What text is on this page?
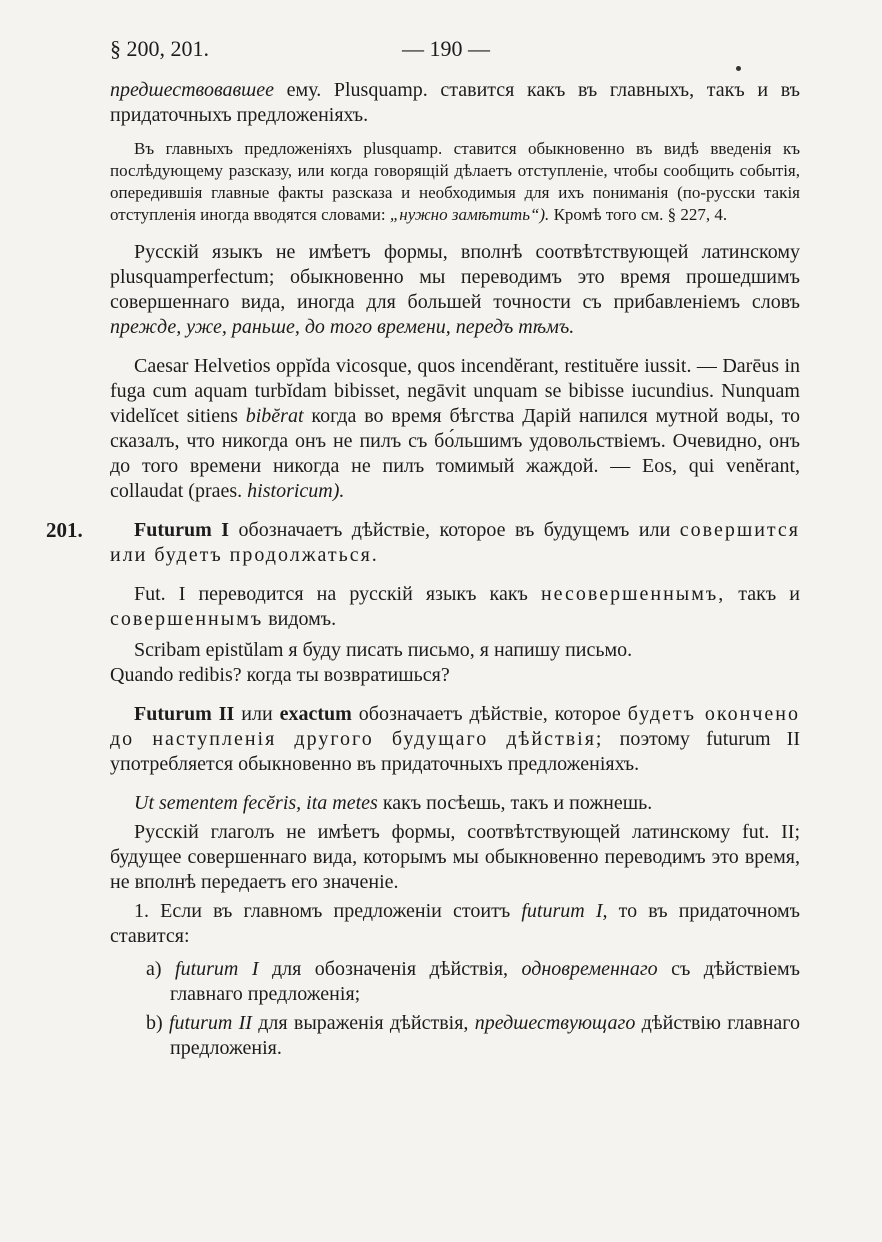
§ 200, 201.	— 190 —

предшествовавшее ему. Plusquamp. ставится какъ въ главныхъ, такъ и въ придаточныхъ предложеніяхъ.

Въ главныхъ предложеніяхъ plusquamp. ставится обыкновенно въ видѣ введенія къ послѣдующему разсказу, или когда говорящій дѣлаетъ отступленіе, чтобы сообщить событія, опередившія главные факты разсказа и необходимыя для ихъ пониманія (по-русски такія отступленія иногда вводятся словами: „нужно замѣтить“). Кромѣ того см. § 227, 4.

Русскій языкъ не имѣетъ формы, вполнѣ соотвѣтствующей латинскому plusquamperfectum; обыкновенно мы переводимъ это время прошедшимъ совершеннаго вида, иногда для большей точности съ прибавленіемъ словъ прежде, уже, раньше, до того времени, передъ тѣмъ.

Caesar Helvetios oppĭda vicosque, quos incendĕrant, restituĕre iussit. — Darēus in fuga cum aquam turbĭdam bibisset, negāvit unquam se bibisse iucundius. Nunquam videlĭcet sitiens bibĕrat когда во время бѣгства Дарій напился мутной воды, то сказалъ, что никогда онъ не пилъ съ бо́льшимъ удовольствіемъ. Очевидно, онъ до того времени никогда не пилъ томимый жаждой. — Eos, qui venĕrant, collaudat (praes. historicum).

201.	Futurum I обозначаетъ дѣйствіе, которое въ будущемъ или совершится или будетъ продолжаться.

Fut. I переводится на русскій языкъ какъ несовершеннымъ, такъ и совершеннымъ видомъ.

Scribam epistŭlam я буду писать письмо, я напишу письмо.

Quando redibis? когда ты возвратишься?

Futurum II или exactum обозначаетъ дѣйствіе, которое будетъ окончено до наступленія другого будущаго дѣйствія; поэтому futurum II употребляется обыкновенно въ придаточныхъ предложеніяхъ.

Ut sementem fecĕris, ita metes какъ посѣешь, такъ и пожнешь.

Русскій глаголъ не имѣетъ формы, соотвѣтствующей латинскому fut. II; будущее совершеннаго вида, которымъ мы обыкновенно переводимъ это время, не вполнѣ передаетъ его значеніе.

1. Если въ главномъ предложеніи стоитъ futurum I, то въ придаточномъ ставится:

a) futurum I для обозначенія дѣйствія, одновременнаго съ дѣйствіемъ главнаго предложенія;

b) futurum II для выраженія дѣйствія, предшествующаго дѣйствію главнаго предложенія.
